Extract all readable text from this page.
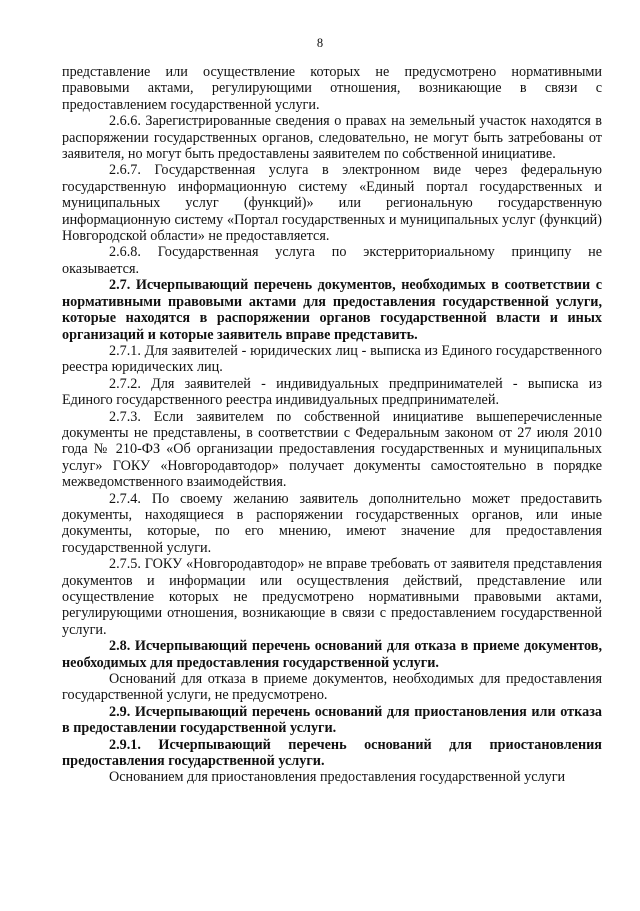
8

представление или осуществление которых не предусмотрено нормативными правовыми актами, регулирующими отношения, возникающие в связи с предоставлением государственной услуги.

2.6.6. Зарегистрированные сведения о правах на земельный участок находятся в распоряжении государственных органов, следовательно, не могут быть затребованы от заявителя, но могут быть предоставлены заявителем по собственной инициативе.

2.6.7. Государственная услуга в электронном виде через федеральную государственную информационную систему «Единый портал государственных и муниципальных услуг (функций)» или региональную государственную информационную систему «Портал государственных и муниципальных услуг (функций) Новгородской области» не предоставляется.

2.6.8. Государственная услуга по экстерриториальному принципу не оказывается.

2.7. Исчерпывающий перечень документов, необходимых в соответствии с нормативными правовыми актами для предоставления государственной услуги, которые находятся в распоряжении органов государственной власти и иных организаций и которые заявитель вправе представить.

2.7.1. Для заявителей - юридических лиц - выписка из Единого государственного реестра юридических лиц.

2.7.2. Для заявителей - индивидуальных предпринимателей - выписка из Единого государственного реестра индивидуальных предпринимателей.

2.7.3. Если заявителем по собственной инициативе вышеперечисленные документы не представлены, в соответствии с Федеральным законом от 27 июля 2010 года № 210-ФЗ «Об организации предоставления государственных и муниципальных услуг» ГОКУ «Новгородавтодор» получает документы самостоятельно в порядке межведомственного взаимодействия.

2.7.4. По своему желанию заявитель дополнительно может предоставить документы, находящиеся в распоряжении государственных органов, или иные документы, которые, по его мнению, имеют значение для предоставления государственной услуги.

2.7.5. ГОКУ «Новгородавтодор» не вправе требовать от заявителя представления документов и информации или осуществления действий, представление или осуществление которых не предусмотрено нормативными правовыми актами, регулирующими отношения, возникающие в связи с предоставлением государственной услуги.

2.8. Исчерпывающий перечень оснований для отказа в приеме документов, необходимых для предоставления государственной услуги.

Оснований для отказа в приеме документов, необходимых для предоставления государственной услуги, не предусмотрено.

2.9. Исчерпывающий перечень оснований для приостановления или отказа в предоставлении государственной услуги.

2.9.1. Исчерпывающий перечень оснований для приостановления предоставления государственной услуги.

Основанием для приостановления предоставления государственной услуги
